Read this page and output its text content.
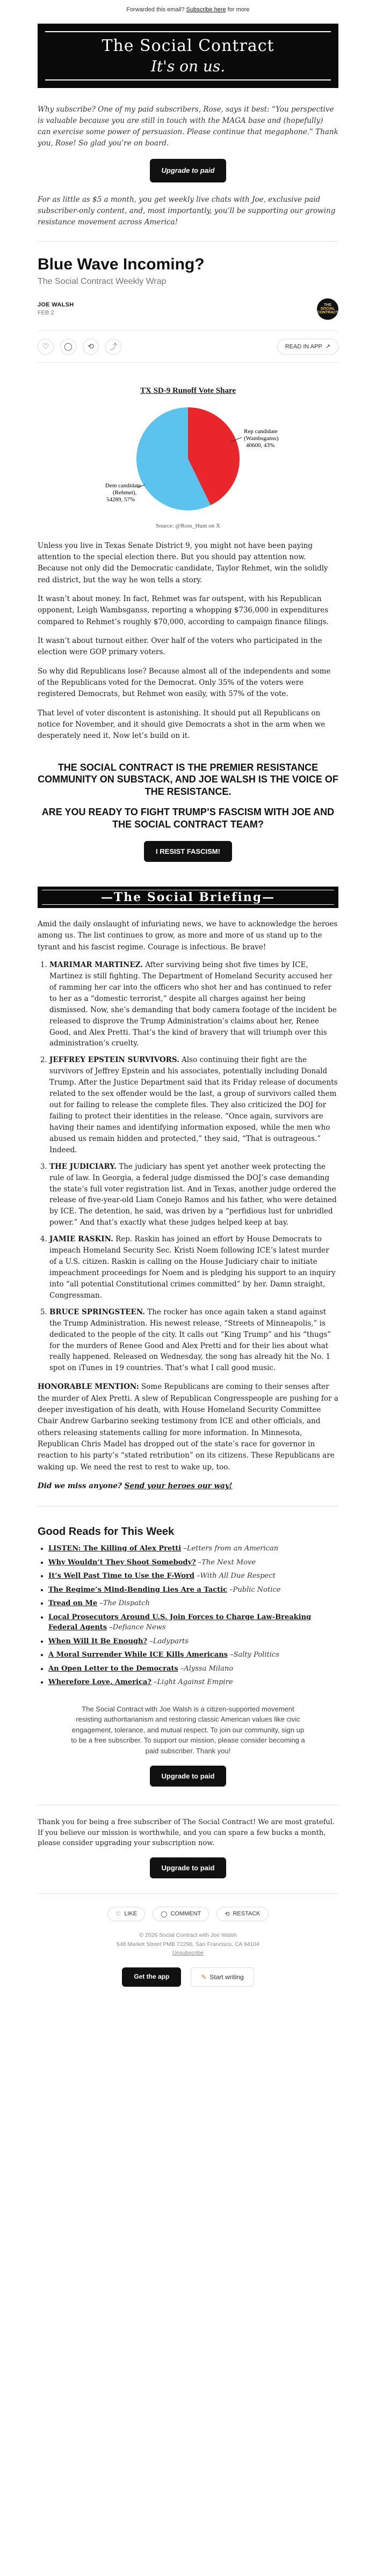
Forwarded this email? Subscribe here for more
The Social Contract
It's on us.

Why subscribe? One of my paid subscribers, Rose, says it best: “You perspective is valuable because you are still in touch with the MAGA base and (hopefully) can exercise some power of persuasion. Please continue that megaphone.” Thank you, Rose! So glad you’re on board.

Upgrade to paid

For as little as $5 a month, you get weekly live chats with Joe, exclusive paid subscriber-only content, and, most importantly, you’ll be supporting our growing resistance movement across America!

Blue Wave Incoming?
The Social Contract Weekly Wrap
JOE WALSH
FEB 2
THE SOCIAL CONTRACT
♡	◯	⟲	⤴	READ IN APP ↗
TX SD-9 Runoff Vote Share
Rep candidate
(Wambsganss)
40600, 43%
Dem candidate
(Rehmet),
54289, 57%
Source: @Ross_Hunt on X

Unless you live in Texas Senate District 9, you might not have been paying attention to the special election there. But you should pay attention now. Because not only did the Democratic candidate, Taylor Rehmet, win the solidly red district, but the way he won tells a story.

It wasn’t about money. In fact, Rehmet was far outspent, with his Republican opponent, Leigh Wambsganss, reporting a whopping $736,000 in expenditures compared to Rehmet’s roughly $70,000, according to campaign finance filings.

It wasn’t about turnout either. Over half of the voters who participated in the election were GOP primary voters.

So why did Republicans lose? Because almost all of the independents and some of the Republicans voted for the Democrat. Only 35% of the voters were registered Democrats, but Rehmet won easily, with 57% of the vote.

That level of voter discontent is astonishing. It should put all Republicans on notice for November, and it should give Democrats a shot in the arm when we desperately need it. Now let’s build on it.

THE SOCIAL CONTRACT IS THE PREMIER RESISTANCE COMMUNITY ON SUBSTACK, AND JOE WALSH IS THE VOICE OF THE RESISTANCE.
ARE YOU READY TO FIGHT TRUMP’S FASCISM WITH JOE AND THE SOCIAL CONTRACT TEAM?
I RESIST FASCISM!
—The Social Briefing—

Amid the daily onslaught of infuriating news, we have to acknowledge the heroes among us. The list continues to grow, as more and more of us stand up to the tyrant and his fascist regime. Courage is infectious. Be brave!

1. MARIMAR MARTINEZ. After surviving being shot five times by ICE, Martinez is still fighting. The Department of Homeland Security accused her of ramming her car into the officers who shot her and has continued to refer to her as a “domestic terrorist,” despite all charges against her being dismissed. Now, she’s demanding that body camera footage of the incident be released to disprove the Trump Administration’s claims about her, Renee Good, and Alex Pretti. That’s the kind of bravery that will triumph over this administration’s cruelty.
2. JEFFREY EPSTEIN SURVIVORS. Also continuing their fight are the survivors of Jeffrey Epstein and his associates, potentially including Donald Trump. After the Justice Department said that its Friday release of documents related to the sex offender would be the last, a group of survivors called them out for failing to release the complete files. They also criticized the DOJ for failing to protect their identities in the release. “Once again, survivors are having their names and identifying information exposed, while the men who abused us remain hidden and protected,” they said, “That is outrageous.” Indeed.
3. THE JUDICIARY. The judiciary has spent yet another week protecting the rule of law. In Georgia, a federal judge dismissed the DOJ’s case demanding the state’s full voter registration list. And in Texas, another judge ordered the release of five-year-old Liam Conejo Ramos and his father, who were detained by ICE. The detention, he said, was driven by a “perfidious lust for unbridled power.” And that’s exactly what these judges helped keep at bay.
4. JAMIE RASKIN. Rep. Raskin has joined an effort by House Democrats to impeach Homeland Security Sec. Kristi Noem following ICE’s latest murder of a U.S. citizen. Raskin is calling on the House Judiciary chair to initiate impeachment proceedings for Noem and is pledging his support to an inquiry into “all potential Constitutional crimes committed” by her. Damn straight, Congressman.
5. BRUCE SPRINGSTEEN. The rocker has once again taken a stand against the Trump Administration. His newest release, “Streets of Minneapolis,” is dedicated to the people of the city. It calls out “King Trump” and his “thugs” for the murders of Renee Good and Alex Pretti and for their lies about what really happened. Released on Wednesday, the song has already hit the No. 1 spot on iTunes in 19 countries. That’s what I call good music.

HONORABLE MENTION: Some Republicans are coming to their senses after the murder of Alex Pretti. A slew of Republican Congresspeople are pushing for a deeper investigation of his death, with House Homeland Security Committee Chair Andrew Garbarino seeking testimony from ICE and other officials, and others releasing statements calling for more information. In Minnesota, Republican Chris Madel has dropped out of the state’s race for governor in reaction to his party’s “stated retribution” on its citizens. These Republicans are waking up. We need the rest to rest to wake up, too.

Did we miss anyone? Send your heroes our way!

Good Reads for This Week
• LISTEN: The Killing of Alex Pretti –Letters from an American
• Why Wouldn’t They Shoot Somebody? –The Next Move
• It’s Well Past Time to Use the F-Word –With All Due Respect
• The Regime’s Mind-Bending Lies Are a Tactic –Public Notice
• Tread on Me –The Dispatch
• Local Prosecutors Around U.S. Join Forces to Charge Law-Breaking Federal Agents –Defiance News
• When Will It Be Enough? –Ladyparts
• A Moral Surrender While ICE Kills Americans –Salty Politics
• An Open Letter to the Democrats –Alyssa Milano
• Wherefore Love, America? –Light Against Empire

The Social Contract with Joe Walsh is a citizen-supported movement resisting authoritarianism and restoring classic American values like civic engagement, tolerance, and mutual respect. To join our community, sign up to be a free subscriber. To support our mission, please consider becoming a paid subscriber. Thank you!

Upgrade to paid

Thank you for being a free subscriber of The Social Contract! We are most grateful. If you believe our mission is worthwhile, and you can spare a few bucks a month, please consider upgrading your subscription now.

Upgrade to paid
♡ LIKE	◯ COMMENT	⟲ RESTACK
© 2026 Social Contract with Joe Walsh
548 Market Street PMB 72296, San Francisco, CA 94104
Unsubscribe
Get the app	✎ Start writing
